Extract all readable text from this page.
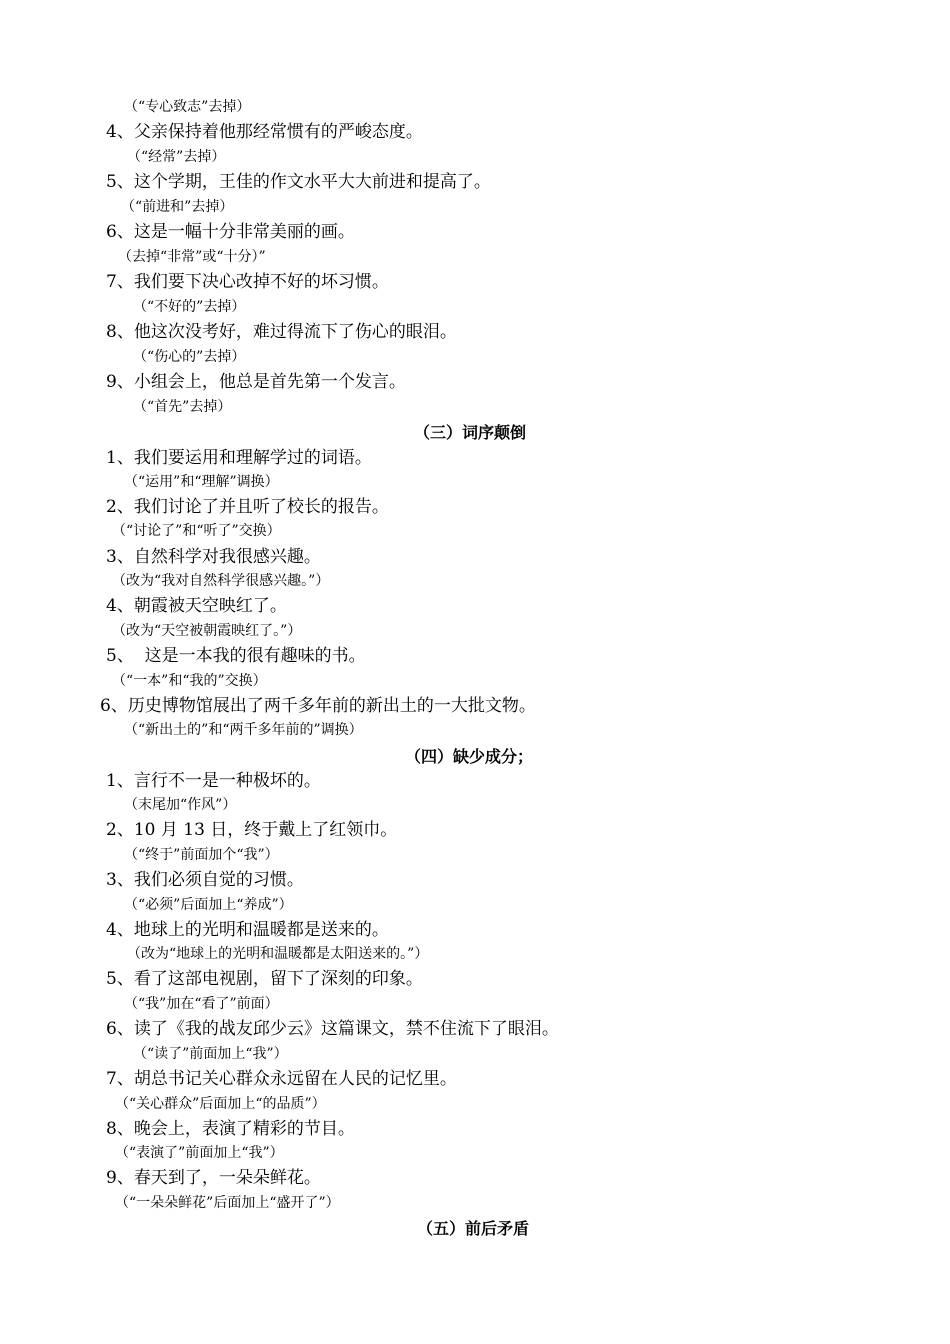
（“专心致志”去掉）
4、父亲保持着他那经常惯有的严峻态度。
（“经常”去掉）
5、这个学期，王佳的作文水平大大前进和提高了。
（“前进和”去掉）
6、这是一幅十分非常美丽的画。
（去掉“非常”或“十分）”
7、我们要下决心改掉不好的坏习惯。
（“不好的”去掉）
8、他这次没考好，难过得流下了伤心的眼泪。
（“伤心的”去掉）
9、小组会上，他总是首先第一个发言。
（“首先”去掉）
（三）词序颠倒
1、我们要运用和理解学过的词语。
（“运用”和“理解”调换）
2、我们讨论了并且听了校长的报告。
（“讨论了”和“听了”交换）
3、自然科学对我很感兴趣。
（改为“我对自然科学很感兴趣。”）
4、朝霞被天空映红了。
（改为“天空被朝霞映红了。”）
5、  这是一本我的很有趣味的书。
（“一本”和“我的”交换）
6、历史博物馆展出了两千多年前的新出土的一大批文物。
（“新出土的”和“两千多年前的”调换）
（四）缺少成分；
1、言行不一是一种极坏的。
（末尾加“作风”）
2、10 月 13 日，终于戴上了红领巾。
（“终于”前面加个“我”）
3、我们必须自觉的习惯。
（“必须”后面加上“养成”）
4、地球上的光明和温暖都是送来的。
（改为“地球上的光明和温暖都是太阳送来的。”）
5、看了这部电视剧，留下了深刻的印象。
（“我”加在“看了”前面）
6、读了《我的战友邱少云》这篇课文，禁不住流下了眼泪。
（“读了”前面加上“我”）
7、胡总书记关心群众永远留在人民的记忆里。
（“关心群众”后面加上“的品质”）
8、晚会上，表演了精彩的节目。
（“表演了”前面加上“我”）
9、春天到了，一朵朵鲜花。
（“一朵朵鲜花”后面加上“盛开了”）
（五）前后矛盾
